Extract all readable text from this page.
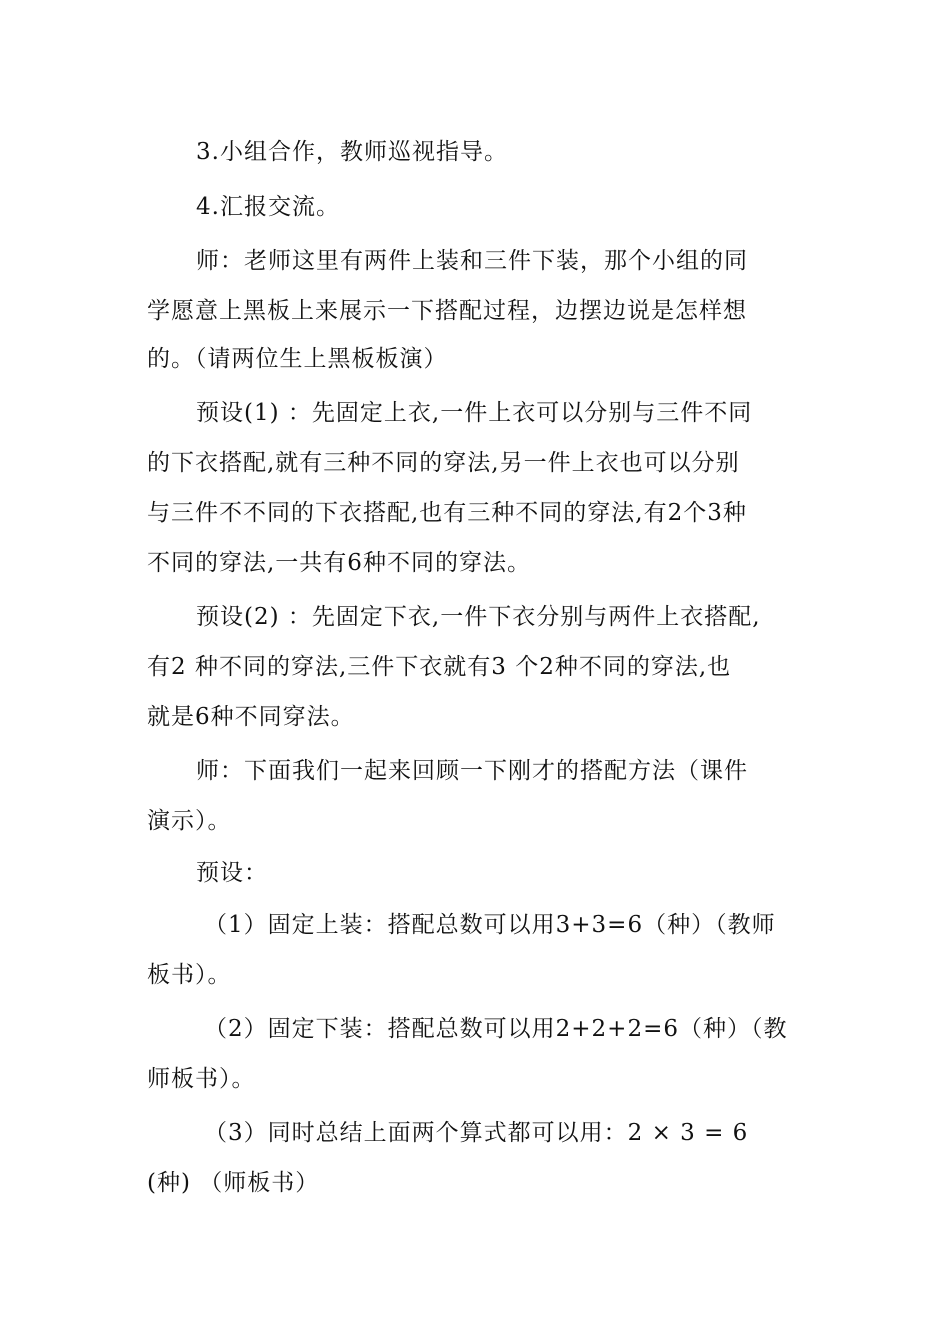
3.小组合作，教师巡视指导。
4.汇报交流。
师：老师这里有两件上装和三件下装，那个小组的同
学愿意上黑板上来展示一下搭配过程，边摆边说是怎样想
的。（请两位生上黑板板演）
预设(1) ：先固定上衣,一件上衣可以分别与三件不同
的下衣搭配,就有三种不同的穿法,另一件上衣也可以分别
与三件不不同的下衣搭配,也有三种不同的穿法,有2个3种
不同的穿法,一共有6种不同的穿法。
预设(2) ：先固定下衣,一件下衣分别与两件上衣搭配,
有2 种不同的穿法,三件下衣就有3 个2种不同的穿法,也
就是6种不同穿法。
师：下面我们一起来回顾一下刚才的搭配方法（课件
演示）。
预设：
（1）固定上装：搭配总数可以用3+3=6（种）（教师
板书）。
（2）固定下装：搭配总数可以用2+2+2=6（种）（教
师板书）。
（3）同时总结上面两个算式都可以用：2 × 3 = 6
(种) （师板书）
